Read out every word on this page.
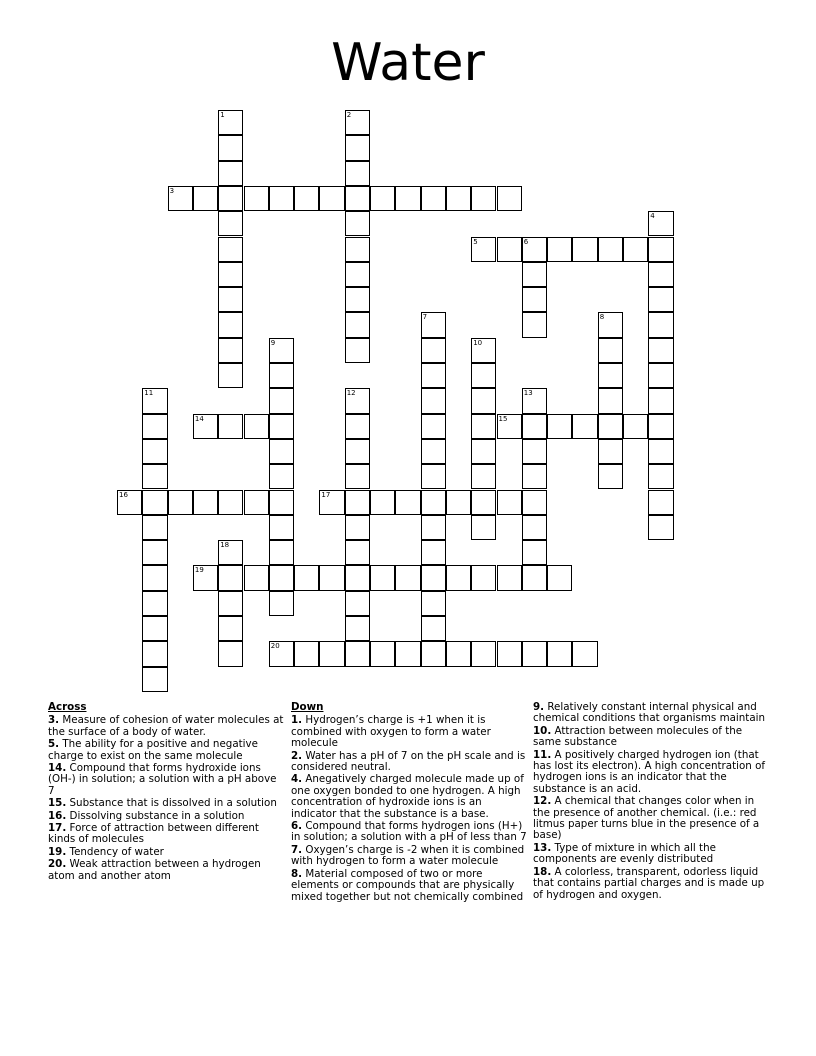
Water
1	2
3
4
5	6
7	8
9	10
11	12	13
14	15
16	17
18
19
20
Across
3. Measure of cohesion of water molecules at the surface of a body of water.
5. The ability for a positive and negative charge to exist on the same molecule
14. Compound that forms hydroxide ions (OH-) in solution; a solution with a pH above 7
15. Substance that is dissolved in a solution
16. Dissolving substance in a solution
17. Force of attraction between different kinds of molecules
19. Tendency of water
20. Weak attraction between a hydrogen atom and another atom
Down
1. Hydrogen’s charge is +1 when it is combined with oxygen to form a water molecule
2. Water has a pH of 7 on the pH scale and is considered neutral.
4. Anegatively charged molecule made up of one oxygen bonded to one hydrogen. A high concentration of hydroxide ions is an indicator that the substance is a base.
6. Compound that forms hydrogen ions (H+) in solution; a solution with a pH of less than 7
7. Oxygen’s charge is -2 when it is combined with hydrogen to form a water molecule
8. Material composed of two or more elements or compounds that are physically mixed together but not chemically combined
9. Relatively constant internal physical and chemical conditions that organisms maintain
10. Attraction between molecules of the same substance
11. A positively charged hydrogen ion (that has lost its electron). A high concentration of hydrogen ions is an indicator that the substance is an acid.
12. A chemical that changes color when in the presence of another chemical. (i.e.: red litmus paper turns blue in the presence of a base)
13. Type of mixture in which all the components are evenly distributed
18. A colorless, transparent, odorless liquid that contains partial charges and is made up of hydrogen and oxygen.
